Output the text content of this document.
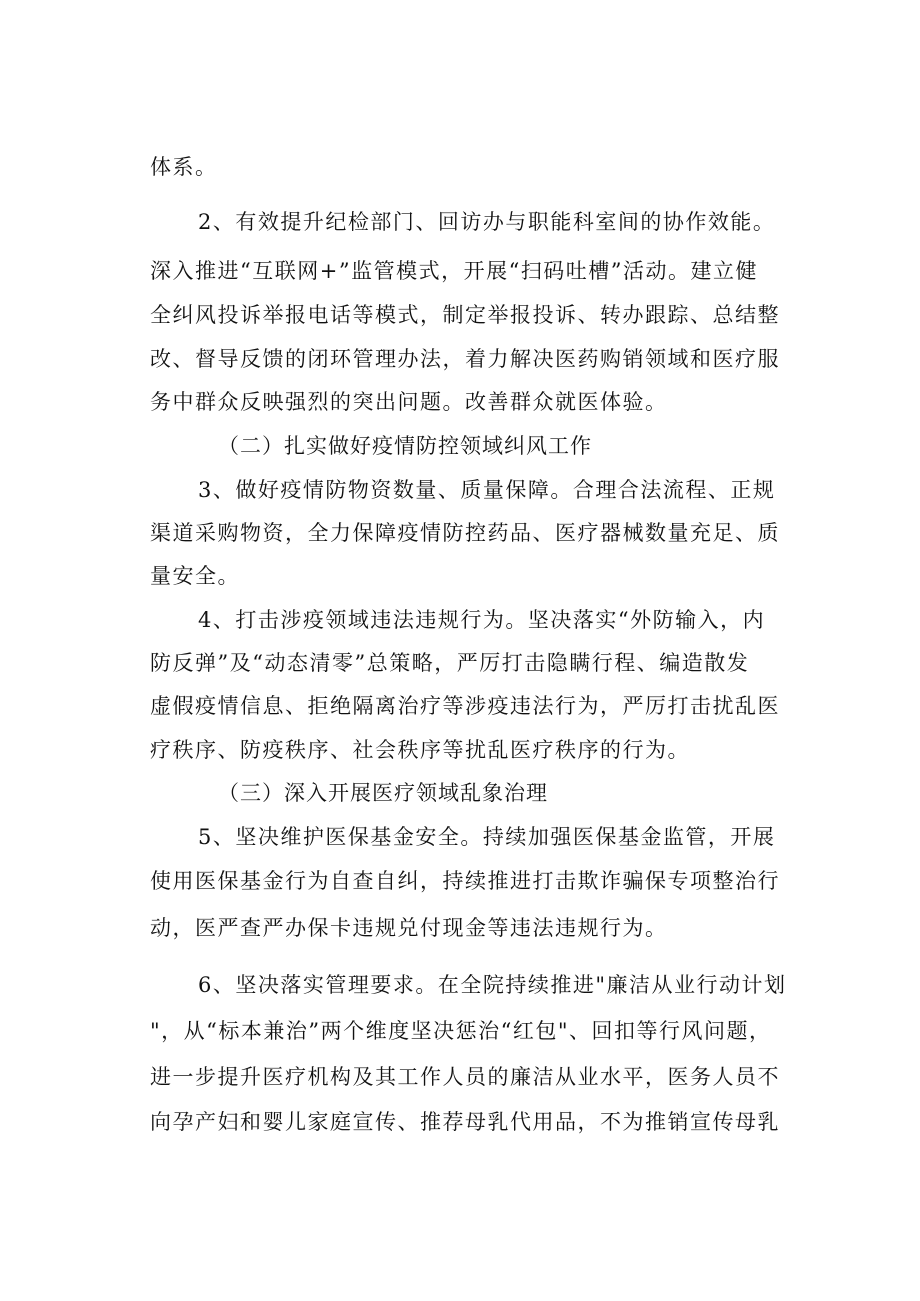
体系。
2、有效提升纪检部门、回访办与职能科室间的协作效能。
深入推进“互联网+”监管模式，开展“扫码吐槽”活动。建立健
全纠风投诉举报电话等模式，制定举报投诉、转办跟踪、总结整
改、督导反馈的闭环管理办法，着力解决医药购销领域和医疗服
务中群众反映强烈的突出问题。改善群众就医体验。
（二）扎实做好疫情防控领域纠风工作
3、做好疫情防物资数量、质量保障。合理合法流程、正规
渠道采购物资，全力保障疫情防控药品、医疗器械数量充足、质
量安全。
4、打击涉疫领域违法违规行为。坚决落实“外防输入，内
防反弹”及“动态清零”总策略，严厉打击隐瞒行程、编造散发
虚假疫情信息、拒绝隔离治疗等涉疫违法行为，严厉打击扰乱医
疗秩序、防疫秩序、社会秩序等扰乱医疗秩序的行为。
（三）深入开展医疗领域乱象治理
5、坚决维护医保基金安全。持续加强医保基金监管，开展
使用医保基金行为自查自纠，持续推进打击欺诈骗保专项整治行
动，医严查严办保卡违规兑付现金等违法违规行为。
6、坚决落实管理要求。在全院持续推进"廉洁从业行动计划
"，从“标本兼治”两个维度坚决惩治“红包"、回扣等行风问题，
进一步提升医疗机构及其工作人员的廉洁从业水平，医务人员不
向孕产妇和婴儿家庭宣传、推荐母乳代用品，不为推销宣传母乳
